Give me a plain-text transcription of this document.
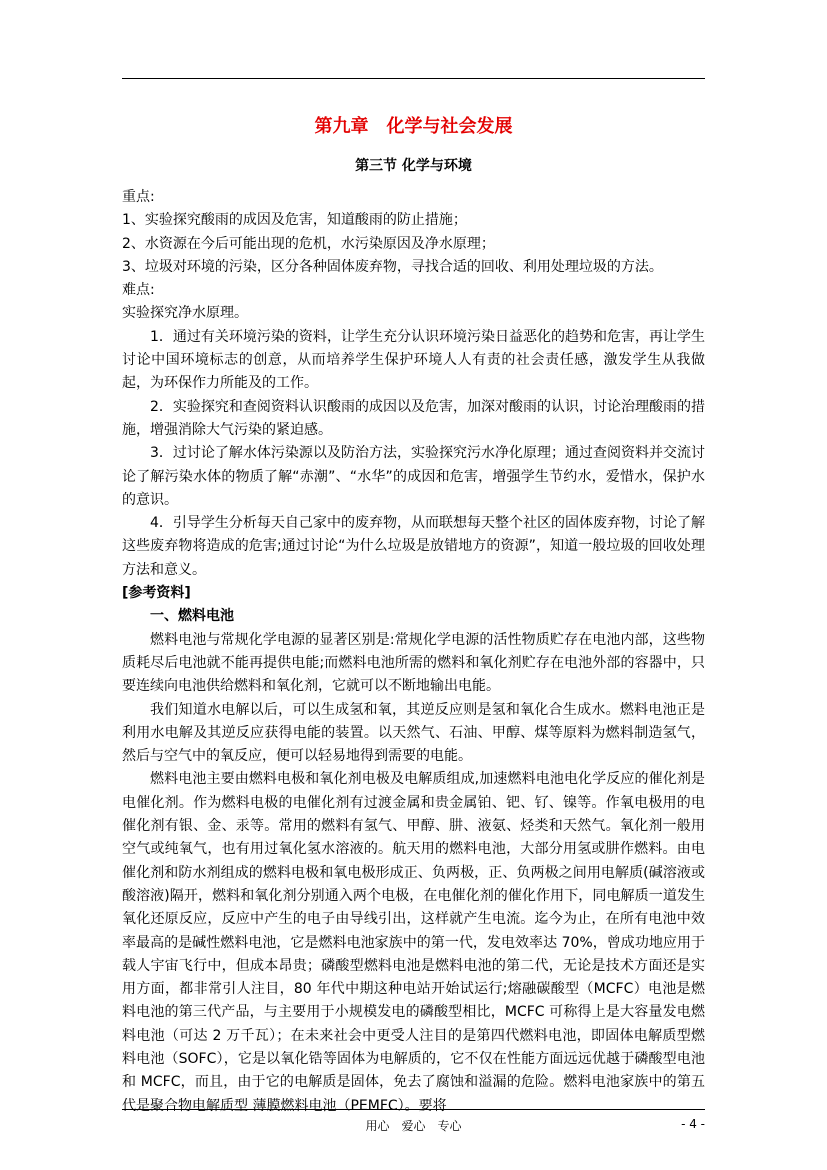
第九章　化学与社会发展
第三节 化学与环境

重点:

1、实验探究酸雨的成因及危害，知道酸雨的防止措施；

2、水资源在今后可能出现的危机，水污染原因及净水原理；

3、垃圾对环境的污染，区分各种固体废弃物，寻找合适的回收、利用处理垃圾的方法。

难点:

实验探究净水原理。

1．通过有关环境污染的资料，让学生充分认识环境污染日益恶化的趋势和危害，再让学生讨论中国环境标志的创意，从而培养学生保护环境人人有责的社会责任感，激发学生从我做起，为环保作力所能及的工作。

2．实验探究和查阅资料认识酸雨的成因以及危害，加深对酸雨的认识，讨论治理酸雨的措施，增强消除大气污染的紧迫感。

3．过讨论了解水体污染源以及防治方法，实验探究污水净化原理；通过查阅资料并交流讨论了解污染水体的物质了解“赤潮”、“水华”的成因和危害，增强学生节约水，爱惜水，保护水的意识。

4．引导学生分析每天自己家中的废弃物，从而联想每天整个社区的固体废弃物，讨论了解这些废弃物将造成的危害;通过讨论“为什么垃圾是放错地方的资源”，知道一般垃圾的回收处理方法和意义。

[参考资料]

一、燃料电池

燃料电池与常规化学电源的显著区别是:常规化学电源的活性物质贮存在电池内部，这些物质耗尽后电池就不能再提供电能;而燃料电池所需的燃料和氧化剂贮存在电池外部的容器中，只要连续向电池供给燃料和氧化剂，它就可以不断地输出电能。

我们知道水电解以后，可以生成氢和氧，其逆反应则是氢和氧化合生成水。燃料电池正是利用水电解及其逆反应获得电能的装置。以天然气、石油、甲醇、煤等原料为燃料制造氢气，然后与空气中的氧反应，便可以轻易地得到需要的电能。

燃料电池主要由燃料电极和氧化剂电极及电解质组成,加速燃料电池电化学反应的催化剂是电催化剂。作为燃料电极的电催化剂有过渡金属和贵金属铂、钯、钌、镍等。作氧电极用的电催化剂有银、金、汞等。常用的燃料有氢气、甲醇、肼、液氨、烃类和天然气。氧化剂一般用空气或纯氧气，也有用过氧化氢水溶液的。航天用的燃料电池，大部分用氢或肼作燃料。由电催化剂和防水剂组成的燃料电极和氧电极形成正、负两极，正、负两极之间用电解质(碱溶液或酸溶液)隔开，燃料和氧化剂分别通入两个电极，在电催化剂的催化作用下，同电解质一道发生氧化还原反应，反应中产生的电子由导线引出，这样就产生电流。迄今为止，在所有电池中效率最高的是碱性燃料电池，它是燃料电池家族中的第一代，发电效率达 70%，曾成功地应用于载人宇宙飞行中，但成本昂贵；磷酸型燃料电池是燃料电池的第二代，无论是技术方面还是实用方面，都非常引人注目，80 年代中期这种电站开始试运行;熔融碳酸型（MCFC）电池是燃料电池的第三代产品，与主要用于小规模发电的磷酸型相比，MCFC 可称得上是大容量发电燃料电池（可达 2 万千瓦）；在未来社会中更受人注目的是第四代燃料电池，即固体电解质型燃料电池（SOFC），它是以氧化锆等固体为电解质的，它不仅在性能方面远远优越于磷酸型电池和 MCFC，而且，由于它的电解质是固体，免去了腐蚀和溢漏的危险。燃料电池家族中的第五代是聚合物电解质型 薄膜燃料电池（PEMFC）。要将

用心　爱心　专心	- 4 -
